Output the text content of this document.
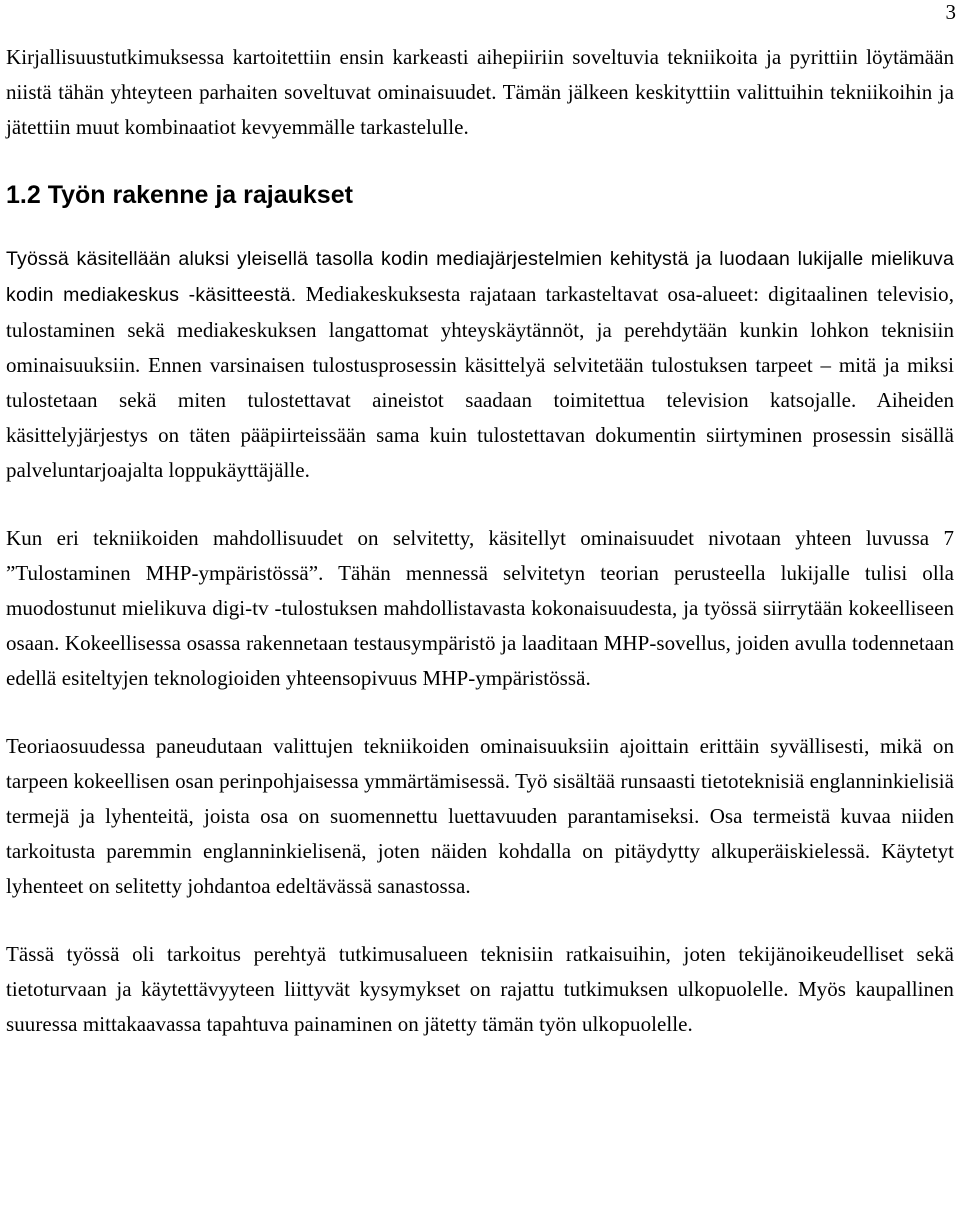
3

Kirjallisuustutkimuksessa kartoitettiin ensin karkeasti aihepiiriin soveltuvia tekniikoita ja pyrittiin löytämään niistä tähän yhteyteen parhaiten soveltuvat ominaisuudet. Tämän jälkeen keskityttiin valittuihin tekniikoihin ja jätettiin muut kombinaatiot kevyemmälle tarkastelulle.

1.2 Työn rakenne ja rajaukset

Työssä käsitellään aluksi yleisellä tasolla kodin mediajärjestelmien kehitystä ja luodaan lukijalle mielikuva kodin mediakeskus -käsitteestä. Mediakeskuksesta rajataan tarkasteltavat osa-alueet: digitaalinen televisio, tulostaminen sekä mediakeskuksen langattomat yhteyskäytännöt, ja perehdytään kunkin lohkon teknisiin ominaisuuksiin. Ennen varsinaisen tulostusprosessin käsittelyä selvitetään tulostuksen tarpeet – mitä ja miksi tulostetaan sekä miten tulostettavat aineistot saadaan toimitettua television katsojalle. Aiheiden käsittelyjärjestys on täten pääpiirteissään sama kuin tulostettavan dokumentin siirtyminen prosessin sisällä palveluntarjoajalta loppukäyttäjälle.

Kun eri tekniikoiden mahdollisuudet on selvitetty, käsitellyt ominaisuudet nivotaan yhteen luvussa 7 ”Tulostaminen MHP-ympäristössä”. Tähän mennessä selvitetyn teorian perusteella lukijalle tulisi olla muodostunut mielikuva digi-tv -tulostuksen mahdollistavasta kokonaisuudesta, ja työssä siirrytään kokeelliseen osaan. Kokeellisessa osassa rakennetaan testausympäristö ja laaditaan MHP-sovellus, joiden avulla todennetaan edellä esiteltyjen teknologioiden yhteensopivuus MHP-ympäristössä.

Teoriaosuudessa paneudutaan valittujen tekniikoiden ominaisuuksiin ajoittain erittäin syvällisesti, mikä on tarpeen kokeellisen osan perinpohjaisessa ymmärtämisessä. Työ sisältää runsaasti tietoteknisiä englanninkielisiä termejä ja lyhenteitä, joista osa on suomennettu luettavuuden parantamiseksi. Osa termeistä kuvaa niiden tarkoitusta paremmin englanninkielisenä, joten näiden kohdalla on pitäydytty alkuperäiskielessä. Käytetyt lyhenteet on selitetty johdantoa edeltävässä sanastossa.

Tässä työssä oli tarkoitus perehtyä tutkimusalueen teknisiin ratkaisuihin, joten tekijänoikeudelliset sekä tietoturvaan ja käytettävyyteen liittyvät kysymykset on rajattu tutkimuksen ulkopuolelle. Myös kaupallinen suuressa mittakaavassa tapahtuva painaminen on jätetty tämän työn ulkopuolelle.
